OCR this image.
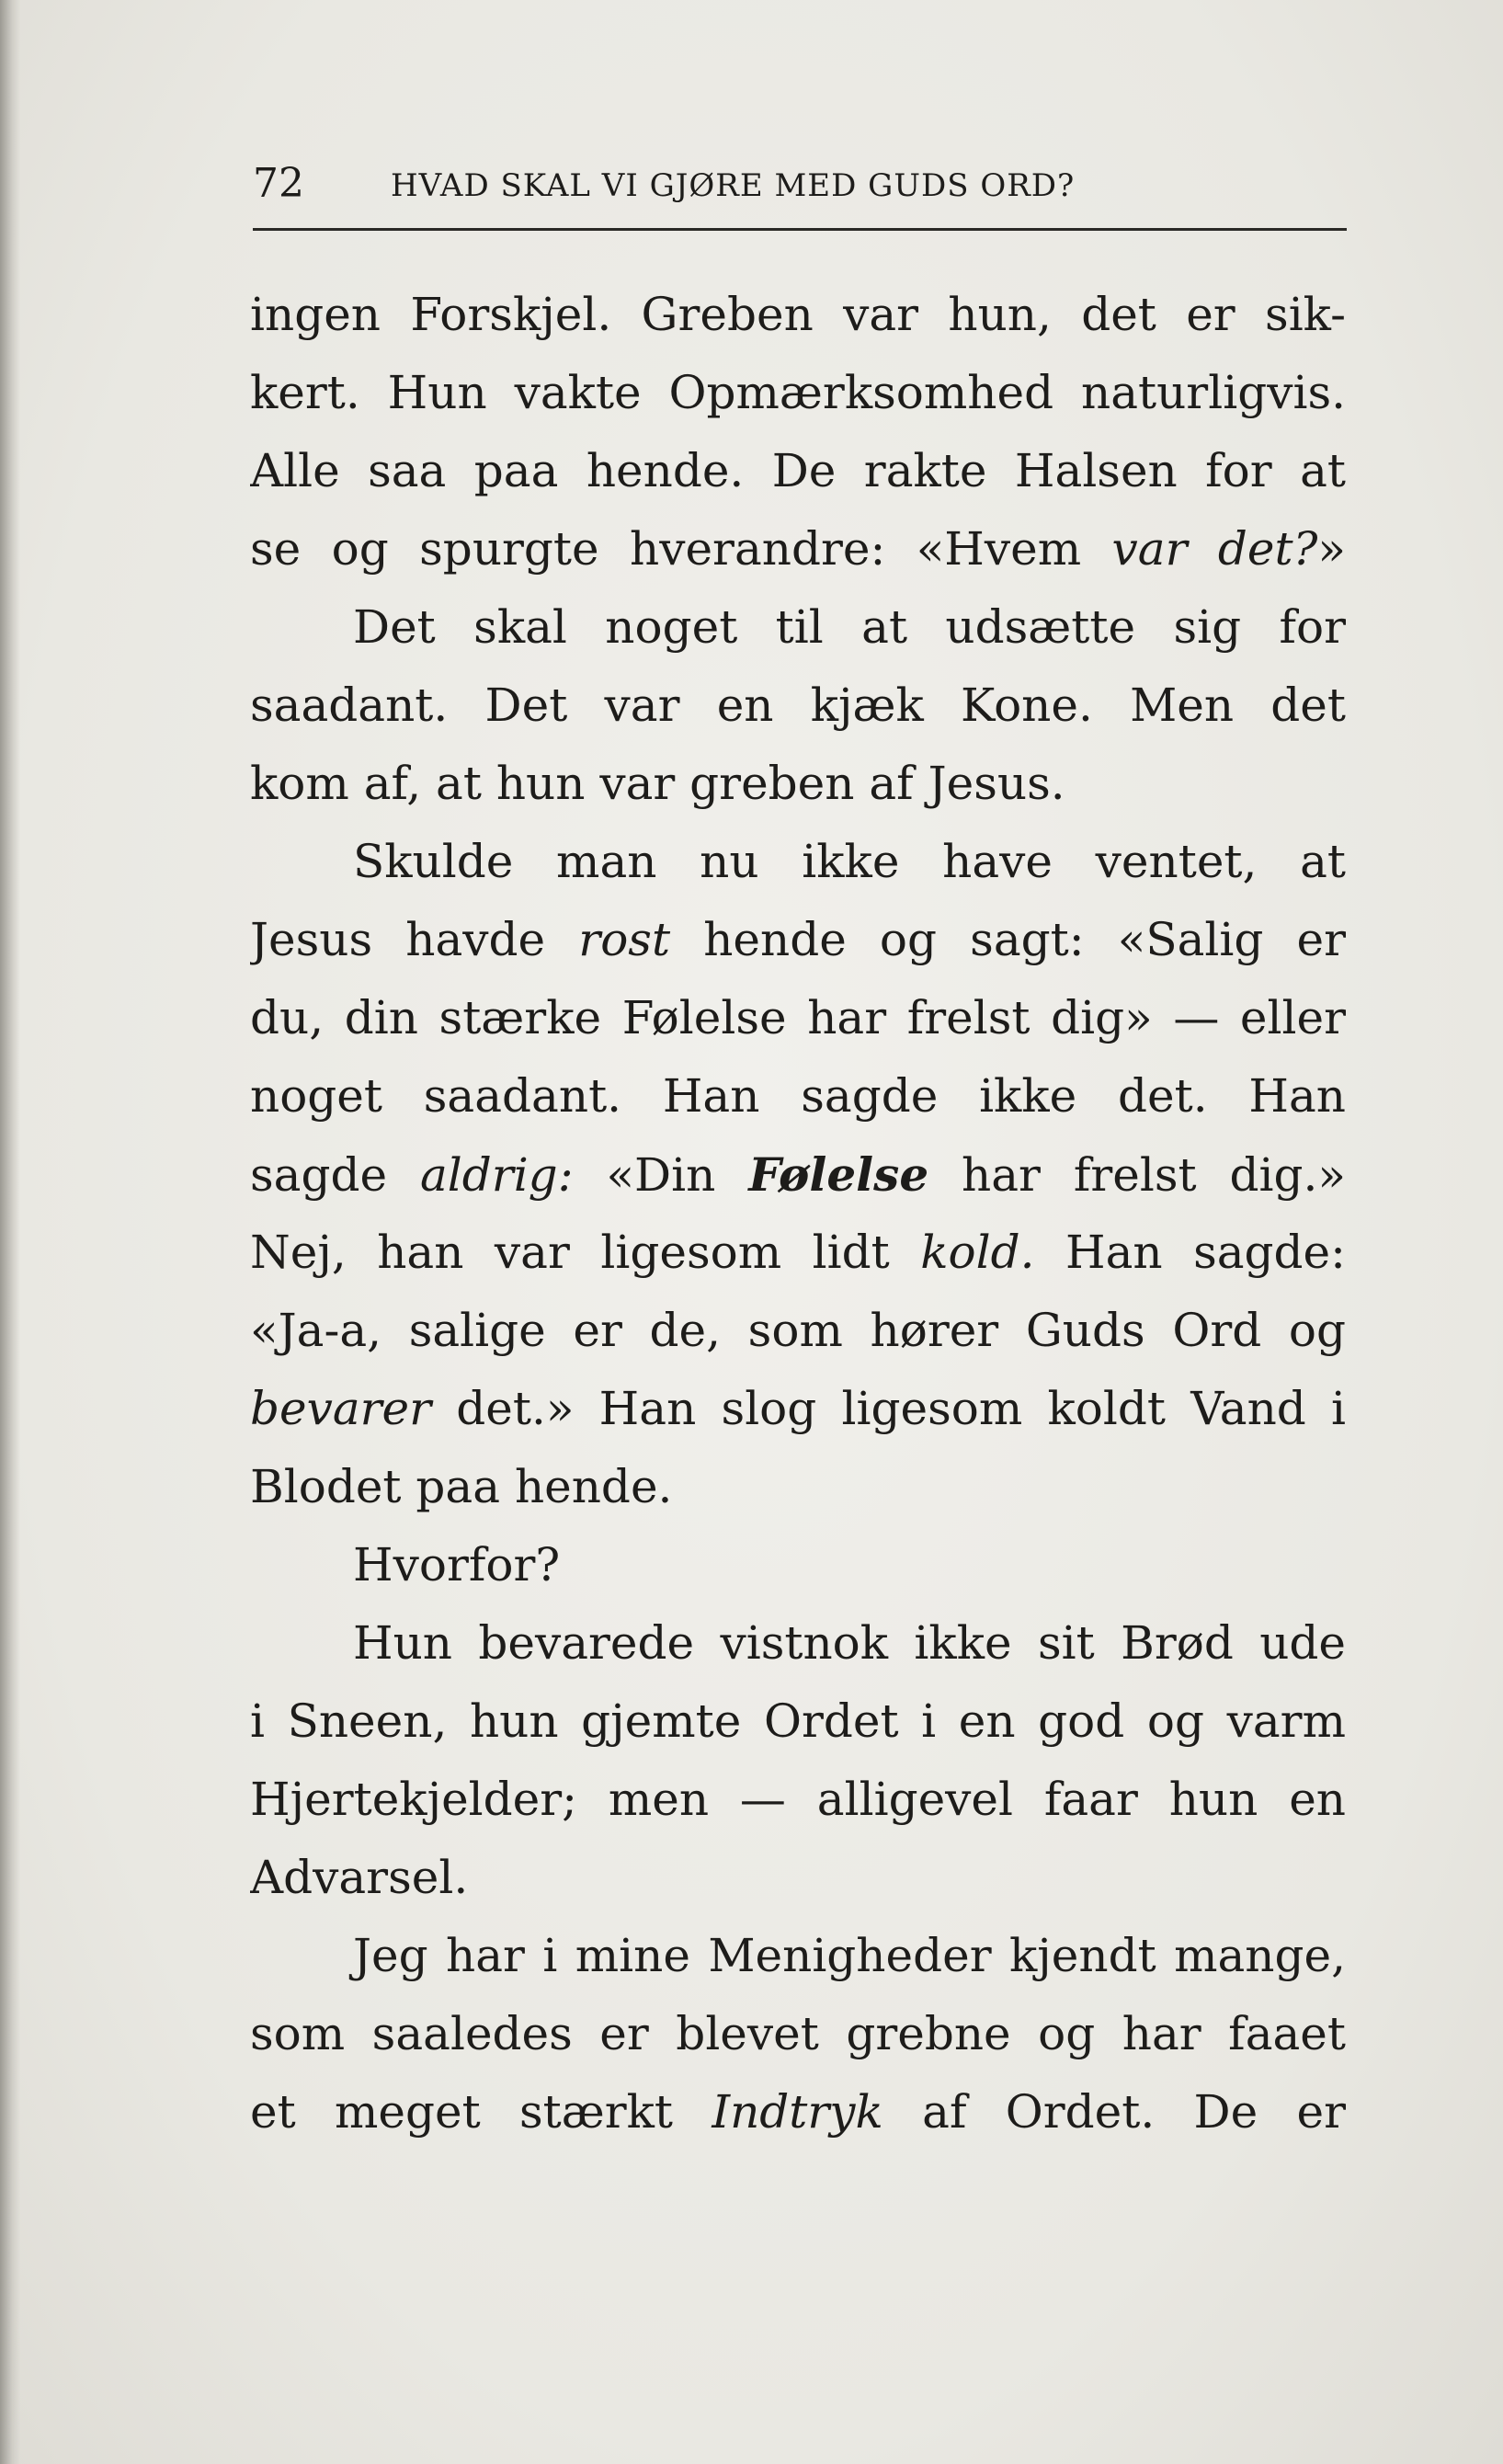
72	HVAD SKAL VI GJØRE MED GUDS ORD?
ingen Forskjel. Greben var hun, det er sik-
kert. Hun vakte Opmærksomhed naturligvis.
Alle saa paa hende. De rakte Halsen for at
se og spurgte hverandre: «Hvem var det?»
Det skal noget til at udsætte sig for
saadant. Det var en kjæk Kone. Men det
kom af, at hun var greben af Jesus.
Skulde man nu ikke have ventet, at
Jesus havde rost hende og sagt: «Salig er
du, din stærke Følelse har frelst dig» — eller
noget saadant. Han sagde ikke det. Han
sagde aldrig: «Din Følelse har frelst dig.»
Nej, han var ligesom lidt kold. Han sagde:
«Ja-a, salige er de, som hører Guds Ord og
bevarer det.» Han slog ligesom koldt Vand i
Blodet paa hende.
Hvorfor?
Hun bevarede vistnok ikke sit Brød ude
i Sneen, hun gjemte Ordet i en god og varm
Hjertekjelder; men — alligevel faar hun en
Advarsel.
Jeg har i mine Menigheder kjendt mange,
som saaledes er blevet grebne og har faaet
et meget stærkt Indtryk af Ordet. De er
